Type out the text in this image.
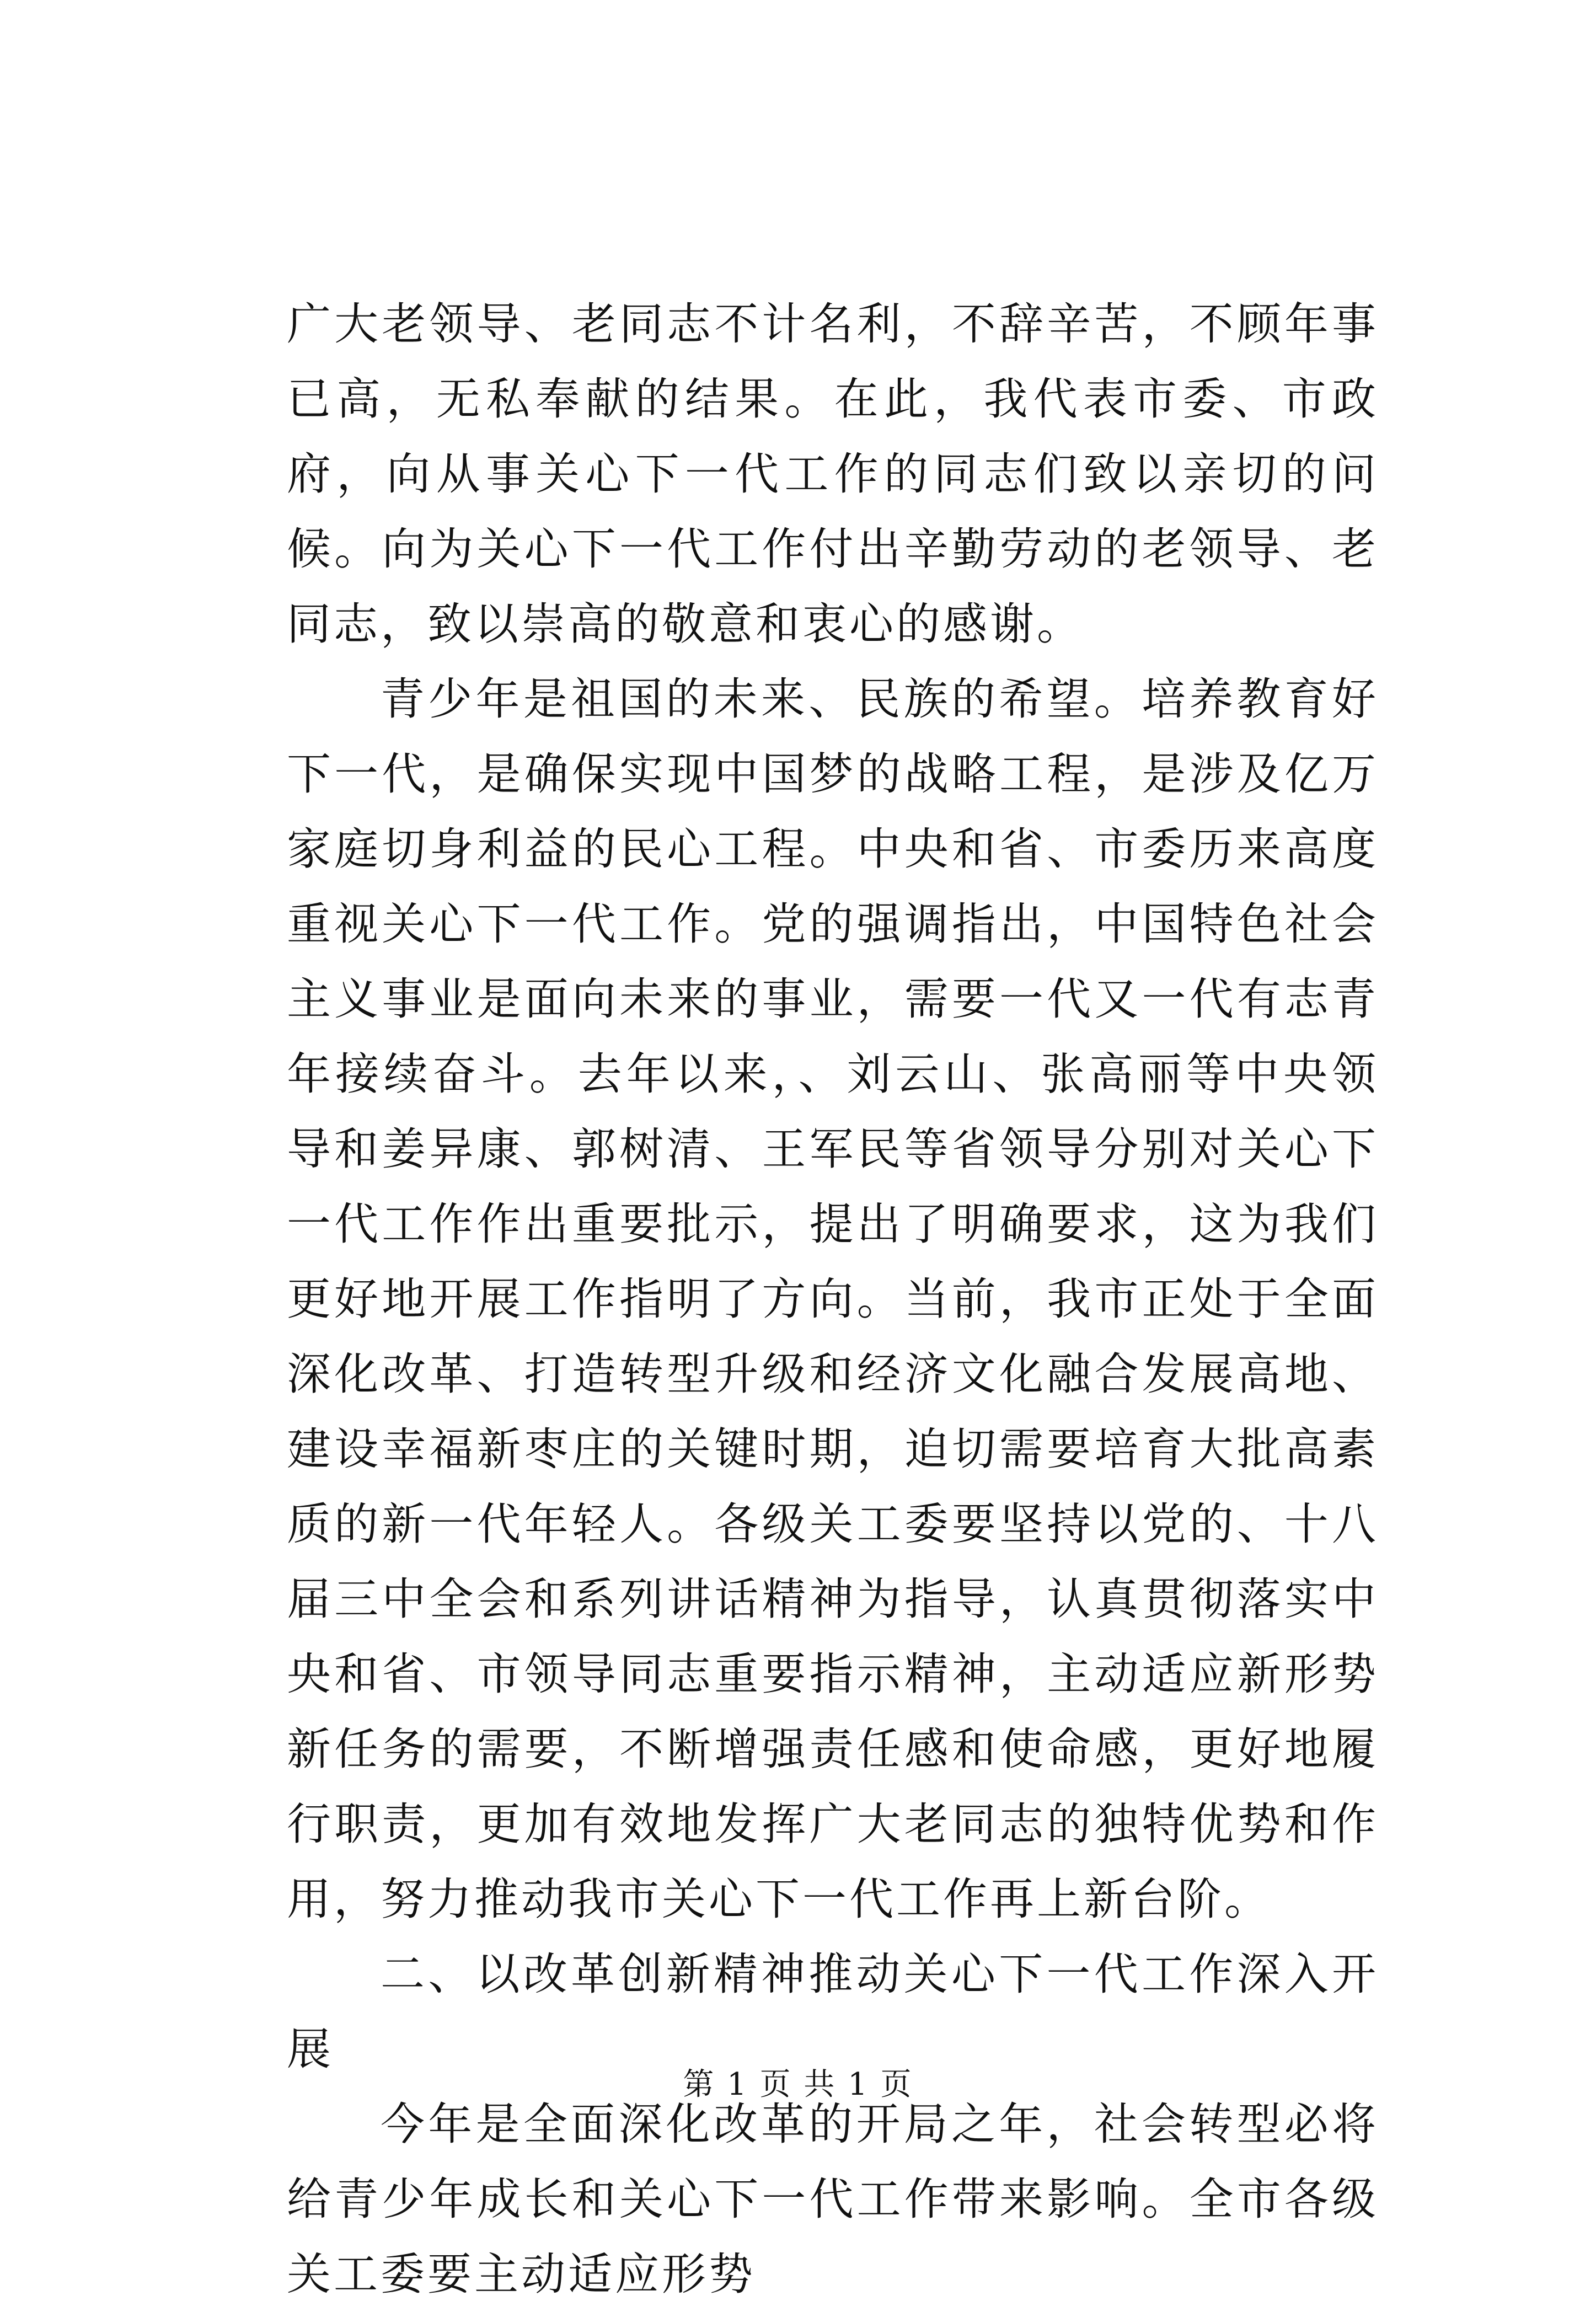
广大老领导、老同志不计名利，不辞辛苦，不顾年事已高，无私奉献的结果。在此，我代表市委、市政府，向从事关心下一代工作的同志们致以亲切的问候。向为关心下一代工作付出辛勤劳动的老领导、老同志，致以崇高的敬意和衷心的感谢。

青少年是祖国的未来、民族的希望。培养教育好下一代，是确保实现中国梦的战略工程，是涉及亿万家庭切身利益的民心工程。中央和省、市委历来高度重视关心下一代工作。党的强调指出，中国特色社会主义事业是面向未来的事业，需要一代又一代有志青年接续奋斗。去年以来，、刘云山、张高丽等中央领导和姜异康、郭树清、王军民等省领导分别对关心下一代工作作出重要批示，提出了明确要求，这为我们更好地开展工作指明了方向。当前，我市正处于全面深化改革、打造转型升级和经济文化融合发展高地、建设幸福新枣庄的关键时期，迫切需要培育大批高素质的新一代年轻人。各级关工委要坚持以党的、十八届三中全会和系列讲话精神为指导，认真贯彻落实中央和省、市领导同志重要指示精神，主动适应新形势新任务的需要，不断增强责任感和使命感，更好地履行职责，更加有效地发挥广大老同志的独特优势和作用，努力推动我市关心下一代工作再上新台阶。

二、以改革创新精神推动关心下一代工作深入开展

今年是全面深化改革的开局之年，社会转型必将给青少年成长和关心下一代工作带来影响。全市各级关工委要主动适应形势

第 1 页 共 1 页
